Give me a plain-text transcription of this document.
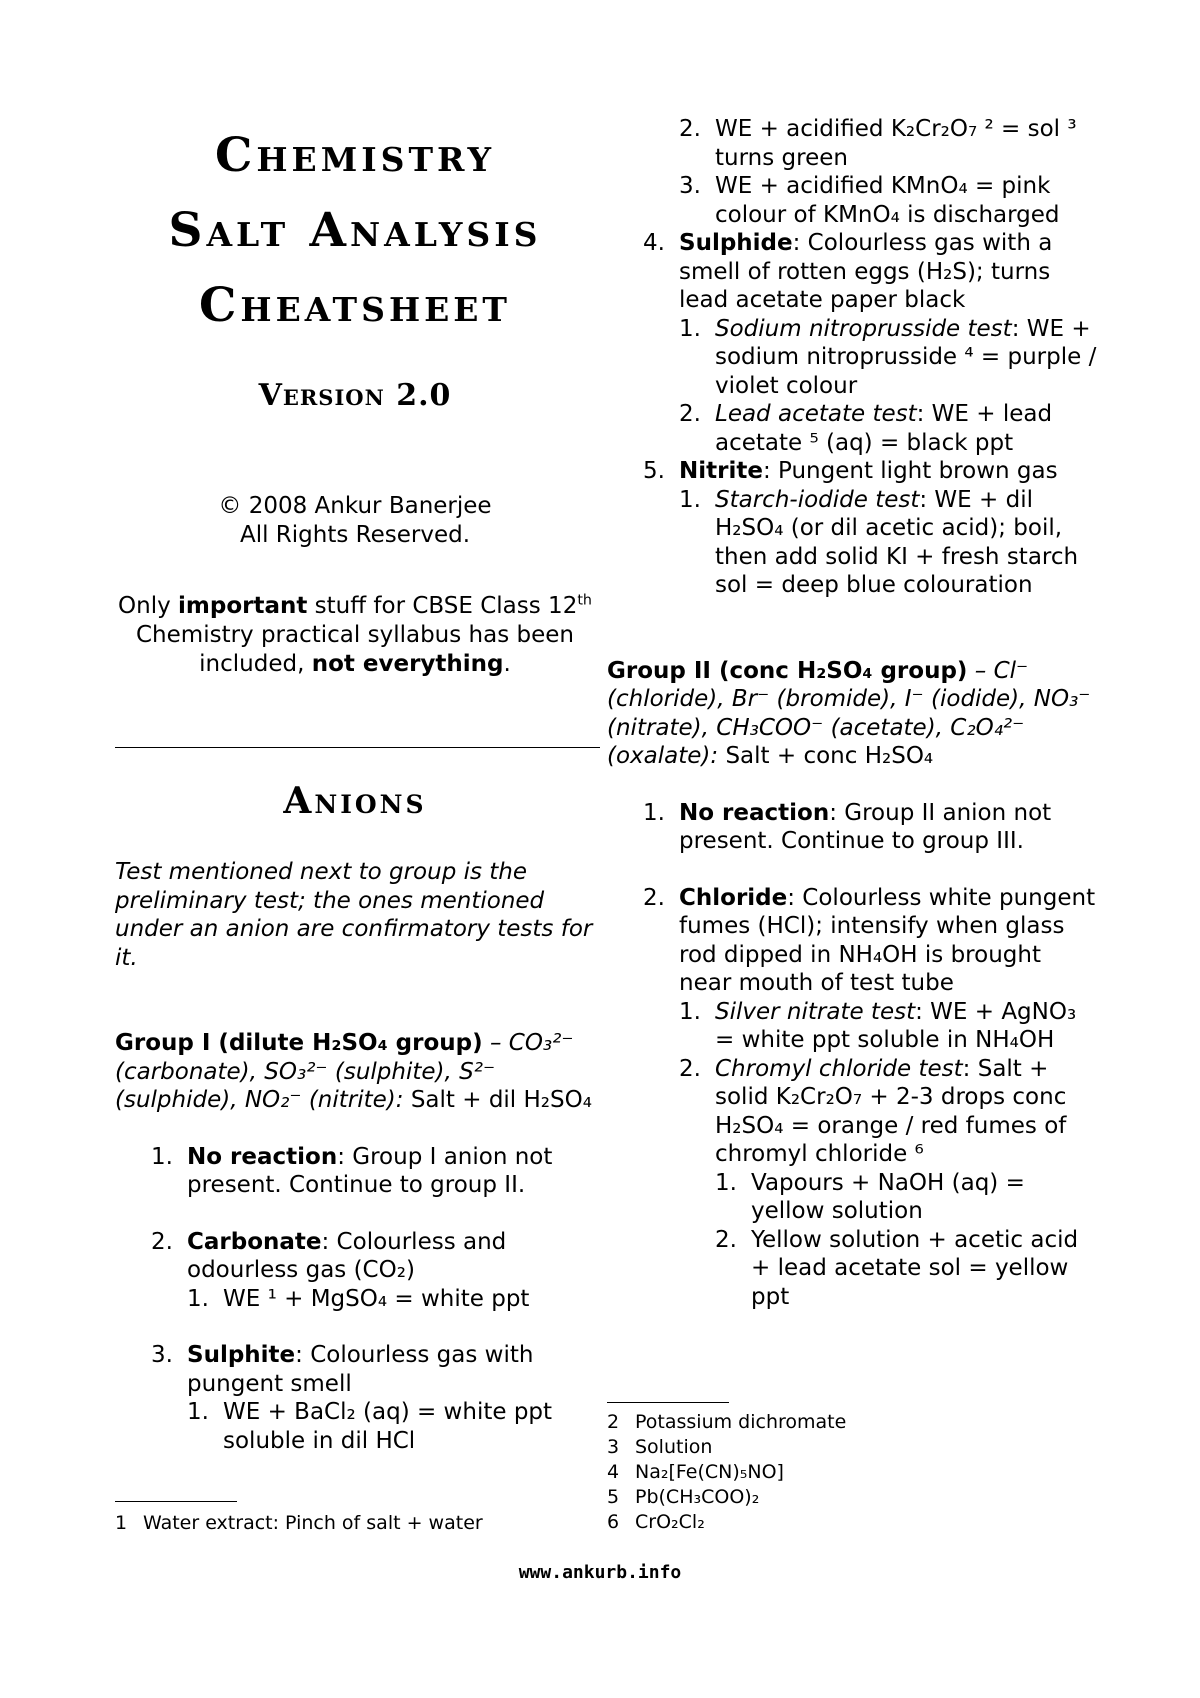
Chemistry
Salt Analysis
Cheatsheet
Version 2.0
© 2008 Ankur Banerjee
All Rights Reserved.
Only important stuff for CBSE Class 12th Chemistry practical syllabus has been included, not everything.
Anions
Test mentioned next to group is the preliminary test; the ones mentioned under an anion are confirmatory tests for it.
Group I (dilute H₂SO₄ group) – CO₃²⁻ (carbonate), SO₃²⁻ (sulphite), S²⁻ (sulphide), NO₂⁻ (nitrite): Salt + dil H₂SO₄
1. No reaction: Group I anion not present. Continue to group II.
2. Carbonate: Colourless and odourless gas (CO₂)
1. WE ¹ + MgSO₄ = white ppt
3. Sulphite: Colourless gas with pungent smell
1. WE + BaCl₂ (aq) = white ppt soluble in dil HCl
1 Water extract: Pinch of salt + water
2. WE + acidified K₂Cr₂O₇ ² = sol ³ turns green
3. WE + acidified KMnO₄ = pink colour of KMnO₄ is discharged
4. Sulphide: Colourless gas with a smell of rotten eggs (H₂S); turns lead acetate paper black
1. Sodium nitroprusside test: WE + sodium nitroprusside ⁴ = purple / violet colour
2. Lead acetate test: WE + lead acetate ⁵ (aq) = black ppt
5. Nitrite: Pungent light brown gas
1. Starch-iodide test: WE + dil H₂SO₄ (or dil acetic acid); boil, then add solid KI + fresh starch sol = deep blue colouration
Group II (conc H₂SO₄ group) – Cl⁻ (chloride), Br⁻ (bromide), I⁻ (iodide), NO₃⁻ (nitrate), CH₃COO⁻ (acetate), C₂O₄²⁻ (oxalate): Salt + conc H₂SO₄
1. No reaction: Group II anion not present. Continue to group III.
2. Chloride: Colourless white pungent fumes (HCl); intensify when glass rod dipped in NH₄OH is brought near mouth of test tube
1. Silver nitrate test: WE + AgNO₃ = white ppt soluble in NH₄OH
2. Chromyl chloride test: Salt + solid K₂Cr₂O₇ + 2-3 drops conc H₂SO₄ = orange / red fumes of chromyl chloride ⁶
1. Vapours + NaOH (aq) = yellow solution
2. Yellow solution + acetic acid + lead acetate sol = yellow ppt
2 Potassium dichromate
3 Solution
4 Na₂[Fe(CN)₅NO]
5 Pb(CH₃COO)₂
6 CrO₂Cl₂
www.ankurb.info
